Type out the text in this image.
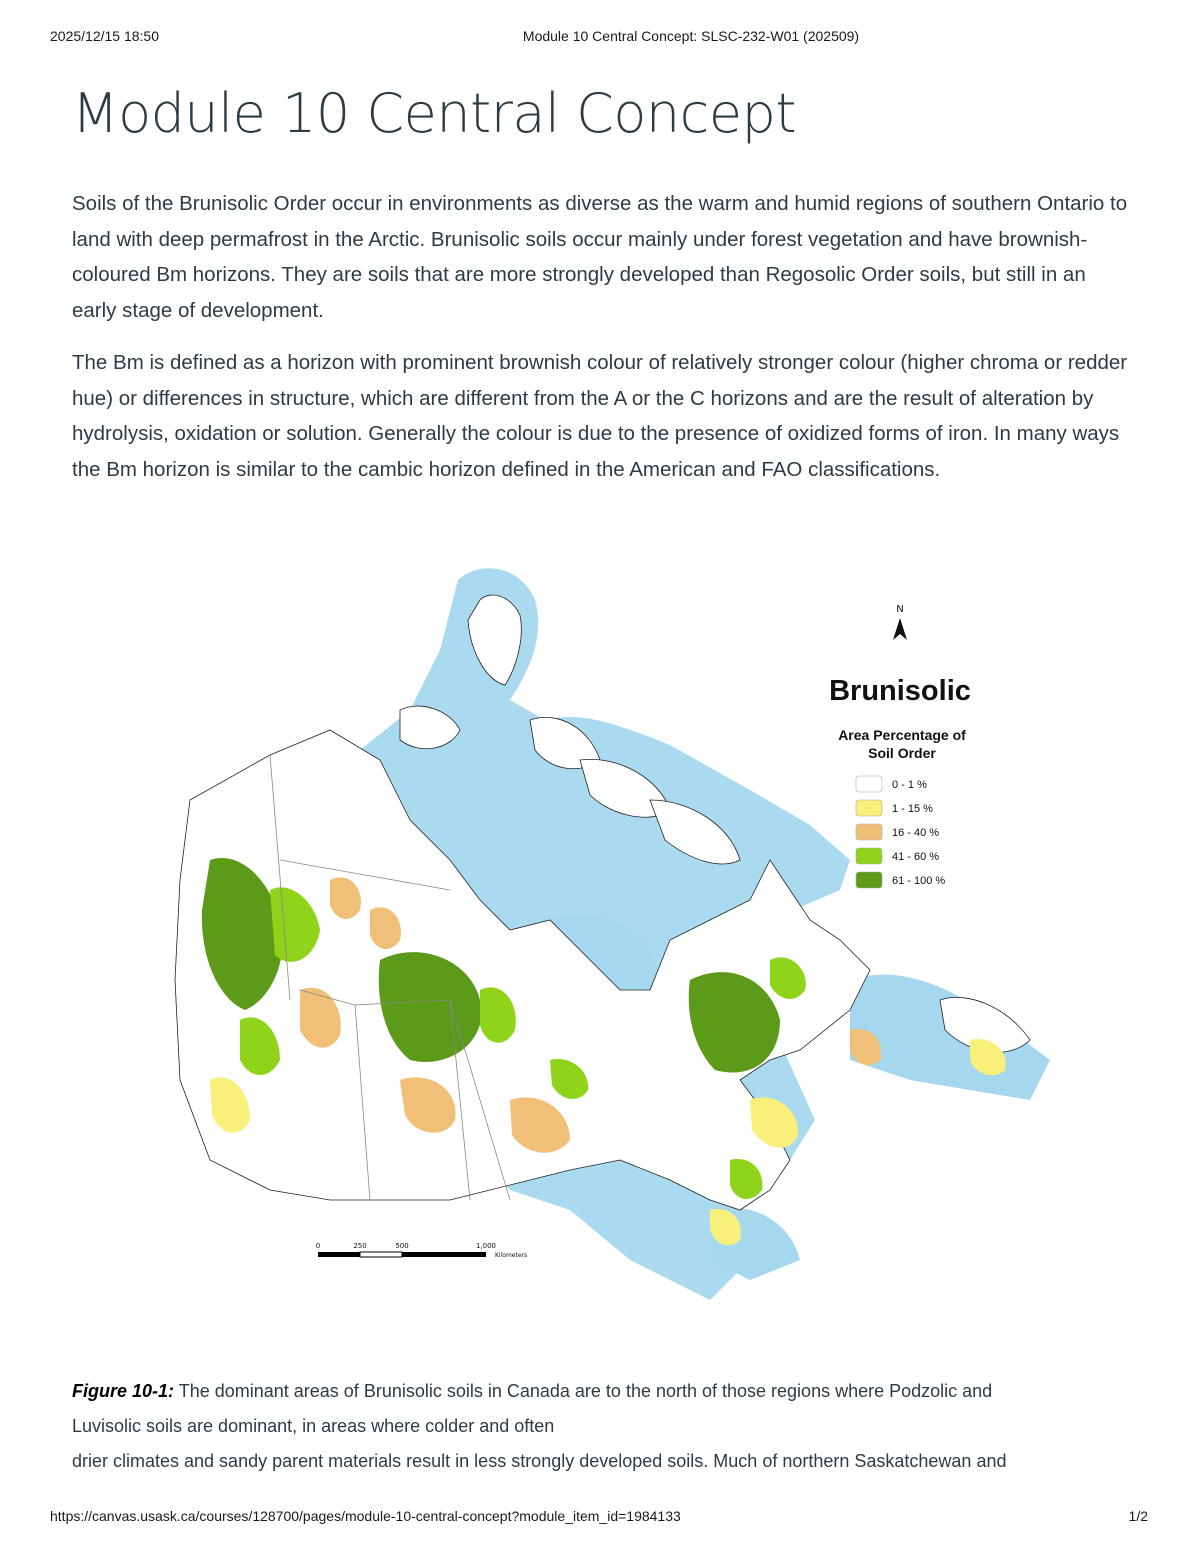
2025/12/15 18:50	Module 10 Central Concept: SLSC-232-W01 (202509)
Module 10 Central Concept

Soils of the Brunisolic Order occur in environments as diverse as the warm and humid regions of southern Ontario to land with deep permafrost in the Arctic. Brunisolic soils occur mainly under forest vegetation and have brownish-coloured Bm horizons. They are soils that are more strongly developed than Regosolic Order soils, but still in an early stage of development.

The Bm is defined as a horizon with prominent brownish colour of relatively stronger colour (higher chroma or redder hue) or differences in structure, which are different from the A or the C horizons and are the result of alteration by hydrolysis, oxidation or solution. Generally the colour is due to the presence of oxidized forms of iron. In many ways the Bm horizon is similar to the cambic horizon defined in the American and FAO classifications.

N
Brunisolic
Area Percentage of
Soil Order
0 - 1 %
1 - 15 %
16 - 40 %
41 - 60 %
61 - 100 %
0	250	500	1,000
Kilometers
Figure 10-1: The dominant areas of Brunisolic soils in Canada are to the north of those regions where Podzolic and
Luvisolic soils are dominant, in areas where colder and often
drier climates and sandy parent materials result in less strongly developed soils. Much of northern Saskatchewan and
https://canvas.usask.ca/courses/128700/pages/module-10-central-concept?module_item_id=1984133	1/2
